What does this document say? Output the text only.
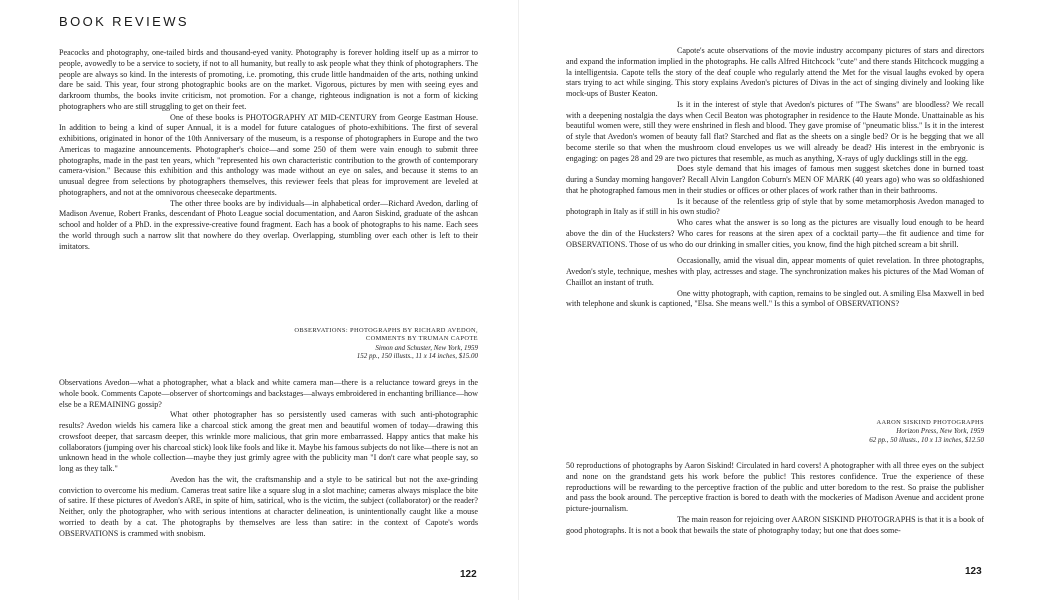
BOOK REVIEWS

Peacocks and photography, one-tailed birds and thousand-eyed vanity. Photography is forever holding itself up as a mirror to people, avowedly to be a service to society, if not to all humanity, but really to ask people what they think of photographers. The people are always so kind. In the interests of promoting, i.e. promoting, this crude little handmaiden of the arts, nothing unkind dare be said. This year, four strong photographic books are on the market. Vigorous, pictures by men with seeing eyes and darkroom thumbs, the books invite criticism, not promotion. For a change, righteous indignation is not a form of kicking photographers who are still struggling to get on their feet.

One of these books is PHOTOGRAPHY AT MID-CENTURY from George Eastman House. In addition to being a kind of super Annual, it is a model for future catalogues of photo-exhibitions. The first of several exhibitions, originated in honor of the 10th Anniversary of the museum, is a response of photographers in Europe and the two Americas to magazine announcements. Photographer's choice—and some 250 of them were vain enough to submit three photographs, made in the past ten years, which "represented his own characteristic contribution to the growth of contemporary camera-vision." Because this exhibition and this anthology was made without an eye on sales, and because it stems to an unusual degree from selections by photographers themselves, this reviewer feels that pleas for improvement are leveled at photographers, and not at the omnivorous cheesecake departments.

The other three books are by individuals—in alphabetical order—Richard Avedon, darling of Madison Avenue, Robert Franks, descendant of Photo League social documentation, and Aaron Siskind, graduate of the ashcan school and holder of a PhD. in the expressive-creative found fragment. Each has a book of photographs to his name. Each sees the world through such a narrow slit that nowhere do they overlap. Overlapping, stumbling over each other is left to their imitators.

OBSERVATIONS: PHOTOGRAPHS BY RICHARD AVEDON,
COMMENTS BY TRUMAN CAPOTE
Simon and Schuster, New York, 1959
152 pp., 150 illusts., 11 x 14 inches, $15.00

Observations Avedon—what a photographer, what a black and white camera man—there is a reluctance toward greys in the whole book. Comments Capote—observer of shortcomings and backstages—always embroidered in enchanting brilliance—how else be a REMAINING gossip?

What other photographer has so persistently used cameras with such anti-photographic results? Avedon wields his camera like a charcoal stick among the great men and beautiful women of today—drawing this crowsfoot deeper, that sarcasm deeper, this wrinkle more malicious, that grin more embarrassed. Happy antics that make his collaborators (jumping over his charcoal stick) look like fools and like it. Maybe his famous subjects do not like—there is not an unknown head in the whole collection—maybe they just grimly agree with the publicity man "I don't care what people say, so long as they talk."

Avedon has the wit, the craftsmanship and a style to be satirical but not the axe-grinding conviction to overcome his medium. Cameras treat satire like a square slug in a slot machine; cameras always misplace the bite of satire. If these pictures of Avedon's ARE, in spite of him, satirical, who is the victim, the subject (collaborator) or the reader? Neither, only the photographer, who with serious intentions at character delineation, is unintentionally caught like a mouse worried to death by a cat. The photographs by themselves are less than satire: in the context of Capote's words OBSERVATIONS is crammed with snobism.

122

Capote's acute observations of the movie industry accompany pictures of stars and directors and expand the information implied in the photographs. He calls Alfred Hitchcock "cute" and there stands Hitchcock mugging a la intelligentsia. Capote tells the story of the deaf couple who regularly attend the Met for the visual laughs evoked by opera stars trying to act while singing. This story explains Avedon's pictures of Divas in the act of singing divinely and looking like mock-ups of Buster Keaton.

Is it in the interest of style that Avedon's pictures of "The Swans" are bloodless? We recall with a deepening nostalgia the days when Cecil Beaton was photographer in residence to the Haute Monde. Unattainable as his beautiful women were, still they were enshrined in flesh and blood. They gave promise of "pneumatic bliss." Is it in the interest of style that Avedon's women of beauty fall flat? Starched and flat as the sheets on a single bed? Or is he begging that we all become sterile so that when the mushroom cloud envelopes us we will already be dead? His interest in the embryonic is engaging: on pages 28 and 29 are two pictures that resemble, as much as anything, X-rays of ugly ducklings still in the egg.

Does style demand that his images of famous men suggest sketches done in burned toast during a Sunday morning hangover? Recall Alvin Langdon Coburn's MEN OF MARK (40 years ago) who was so oldfashioned that he photographed famous men in their studies or offices or other places of work rather than in their bathrooms.

Is it because of the relentless grip of style that by some metamorphosis Avedon managed to photograph in Italy as if still in his own studio?

Who cares what the answer is so long as the pictures are visually loud enough to be heard above the din of the Hucksters? Who cares for reasons at the siren apex of a cocktail party—the fit audience and time for OBSERVATIONS. Those of us who do our drinking in smaller cities, you know, find the high pitched scream a bit shrill.

Occasionally, amid the visual din, appear moments of quiet revelation. In three photographs, Avedon's style, technique, meshes with play, actresses and stage. The synchronization makes his pictures of the Mad Woman of Chaillot an instant of truth.

One witty photograph, with caption, remains to be singled out. A smiling Elsa Maxwell in bed with telephone and skunk is captioned, "Elsa. She means well." Is this a symbol of OBSERVATIONS?

AARON SISKIND PHOTOGRAPHS
Horizon Press, New York, 1959
62 pp., 50 illusts., 10 x 13 inches, $12.50

50 reproductions of photographs by Aaron Siskind! Circulated in hard covers! A photographer with all three eyes on the subject and none on the grandstand gets his work before the public! This restores confidence. True the experience of these reproductions will be rewarding to the perceptive fraction of the public and utter boredom to the rest. So praise the publisher and pass the book around. The perceptive fraction is bored to death with the mockeries of Madison Avenue and accident prone picture-journalism.

The main reason for rejoicing over AARON SISKIND PHOTOGRAPHS is that it is a book of good photographs. It is not a book that bewails the state of photography today; but one that does some-

123
